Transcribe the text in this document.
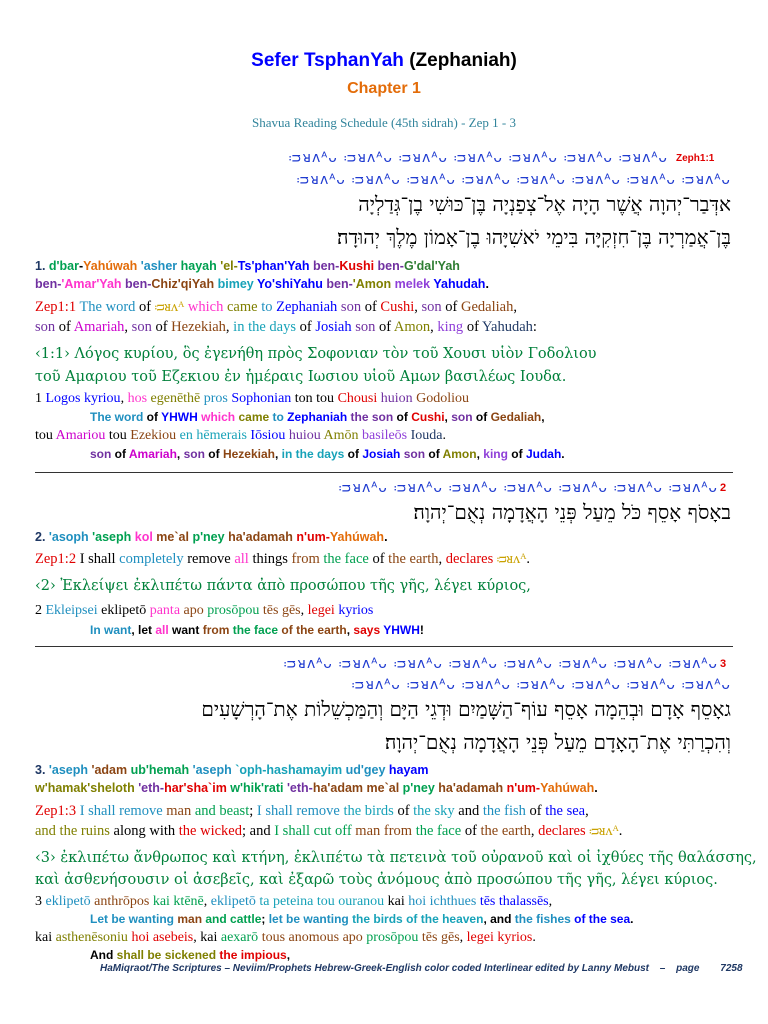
Sefer TsphanYah (Zephaniah)
Chapter 1
Shavua Reading Schedule (45th sidrah) - Zep 1 - 3
ᴞᴚᴧᴬᴗ ᴞᴚᴧᴬᴗ ᴞᴚᴧᴬᴗ ᴞᴚᴧᴬᴗ ᴞᴚᴧᴬᴗ ᴞᴚᴧᴬᴗ ᴞᴚᴧᴬᴗ Zeph1:1
ᴞᴚᴧᴬᴗ ᴞᴚᴧᴬᴗ ᴞᴚᴧᴬᴗ ᴞᴚᴧᴬᴗ ᴞᴚᴧᴬᴗ ᴞᴚᴧᴬᴗ ᴞᴚᴧᴬᴗ ᴞᴚᴧᴬᴗ
אדְּבַר־יְהוָה אֲשֶׁר הָיָה אֶל־צְפַנְיָה בֶּן־כּוּשִׁי בֶן־גְּדַלְיָה
בֶּן־אֲמַרְיָה בֶּן־חִזְקִיָּה בִּימֵי יֹאשִׁיָּהוּ בֶן־אָמוֹן מֶלֶךְ יְהוּדָה׃
1. d'bar-Yahúwah 'asher hayah 'el-Ts'phan'Yah ben-Kushi ben-G'dal'Yah
ben-'Amar'Yah ben-Chiz'qiYah bimey Yo'shiYahu ben-'Amon melek Yahudah.
Zep1:1 The word of ᴞᴚᴧᴬ which came to Zephaniah son of Cushi, son of Gedaliah,
son of Amariah, son of Hezekiah, in the days of Josiah son of Amon, king of Yahudah:
‹1:1› Λόγος κυρίου, ὃς ἐγενήθη πρὸς Σοφονιαν τὸν τοῦ Χουσι υἱὸν Γοδολιου
τοῦ Αμαριου τοῦ Εζεκιου ἐν ἡμέραις Ιωσιου υἱοῦ Αμων βασιλέως Ιουδα.
1 Logos kyriou, hos egenēthē pros Sophonian ton tou Chousi huion Godoliou
The word of YHWH which came to Zephaniah the son of Cushi, son of Gedaliah,
tou Amariou tou Ezekiou en hēmerais Iōsiou huiou Amōn basileōs Iouda.
son of Amariah, son of Hezekiah, in the days of Josiah son of Amon, king of Judah.
ᴞᴚᴧᴬᴗ ᴞᴚᴧᴬᴗ ᴞᴚᴧᴬᴗ ᴞᴚᴧᴬᴗ ᴞᴚᴧᴬᴗ ᴞᴚᴧᴬᴗ ᴞᴚᴧᴬᴗ 2
באָסֹף אָסֵף כֹּל מֵעַל פְּנֵי הָאֲדָמָה נְאֻם־יְהוָה׃
2. 'asoph 'aseph kol me`al p'ney ha'adamah n'um-Yahúwah.
Zep1:2 I shall completely remove all things from the face of the earth, declares ᴞᴚᴧᴬ.
‹2› Ἐκλείψει ἐκλιπέτω πάντα ἀπὸ προσώπου τῆς γῆς, λέγει κύριος,
2 Ekleipsei eklipetō panta apo prosōpou tēs gēs, legei kyrios
In want, let all want from the face of the earth, says YHWH!
ᴞᴚᴧᴬᴗ ᴞᴚᴧᴬᴗ ᴞᴚᴧᴬᴗ ᴞᴚᴧᴬᴗ ᴞᴚᴧᴬᴗ ᴞᴚᴧᴬᴗ ᴞᴚᴧᴬᴗ ᴞᴚᴧᴬᴗ 3
ᴞᴚᴧᴬᴗ ᴞᴚᴧᴬᴗ ᴞᴚᴧᴬᴗ ᴞᴚᴧᴬᴗ ᴞᴚᴧᴬᴗ ᴞᴚᴧᴬᴗ ᴞᴚᴧᴬᴗ
גאָסֵף אָדָם וּבְהֵמָה אָסֵף עוֹף־הַשָּׁמַיִם וּדְגֵי הַיָּם וְהַמַּכְשֵׁלוֹת אֶת־הָרְשָׁעִים
וְהִכְרַתִּי אֶת־הָאָדָם מֵעַל פְּנֵי הָאֲדָמָה נְאֻם־יְהוָה׃
3. 'aseph 'adam ub'hemah 'aseph `oph-hashamayim ud'gey hayam
w'hamak'sheloth 'eth-har'sha`im w'hik'rati 'eth-ha'adam me`al p'ney ha'adamah n'um-Yahúwah.
Zep1:3 I shall remove man and beast; I shall remove the birds of the sky and the fish of the sea,
and the ruins along with the wicked; and I shall cut off man from the face of the earth, declares ᴞᴚᴧᴬ.
‹3› ἐκλιπέτω ἄνθρωπος καὶ κτήνη, ἐκλιπέτω τὰ πετεινὰ τοῦ οὐρανοῦ καὶ οἱ ἰχθύες τῆς θαλάσσης,
καὶ ἀσθενήσουσιν οἱ ἀσεβεῖς, καὶ ἐξαρῶ τοὺς ἀνόμους ἀπὸ προσώπου τῆς γῆς, λέγει κύριος.
3 eklipetō anthrōpos kai ktēnē, eklipetō ta peteina tou ouranou kai hoi ichthues tēs thalassēs,
Let be wanting man and cattle; let be wanting the birds of the heaven, and the fishes of the sea.
kai asthenēsoniu hoi asebeis, kai aexarō tous anomous apo prosōpou tēs gēs, legei kyrios.
And shall be sickened the impious,
HaMiqraot/The Scriptures – Neviim/Prophets Hebrew-Greek-English color coded Interlinear edited by Lanny Mebust – page 7258
